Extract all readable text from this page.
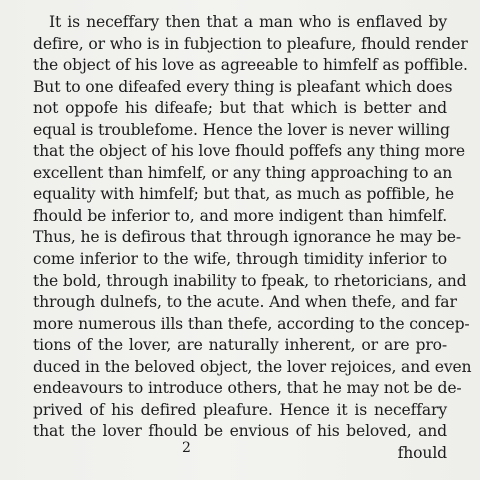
It is neceffary then that a man who is enflaved by
defire, or who is in fubjection to pleafure, fhould render
the object of his love as agreeable to himfelf as poffible.
But to one difeafed every thing is pleafant which does
not oppofe his difeafe; but that which is better and
equal is troublefome. Hence the lover is never willing
that the object of his love fhould poffefs any thing more
excellent than himfelf, or any thing approaching to an
equality with himfelf; but that, as much as poffible, he
fhould be inferior to, and more indigent than himfelf.
Thus, he is defirous that through ignorance he may be-
come inferior to the wife, through timidity inferior to
the bold, through inability to fpeak, to rhetoricians, and
through dulnefs, to the acute. And when thefe, and far
more numerous ills than thefe, according to the concep-
tions of the lover, are naturally inherent, or are pro-
duced in the beloved object, the lover rejoices, and even
endeavours to introduce others, that he may not be de-
prived of his defired pleafure. Hence it is neceffary
that the lover fhould be envious of his beloved, and
fhould
2
